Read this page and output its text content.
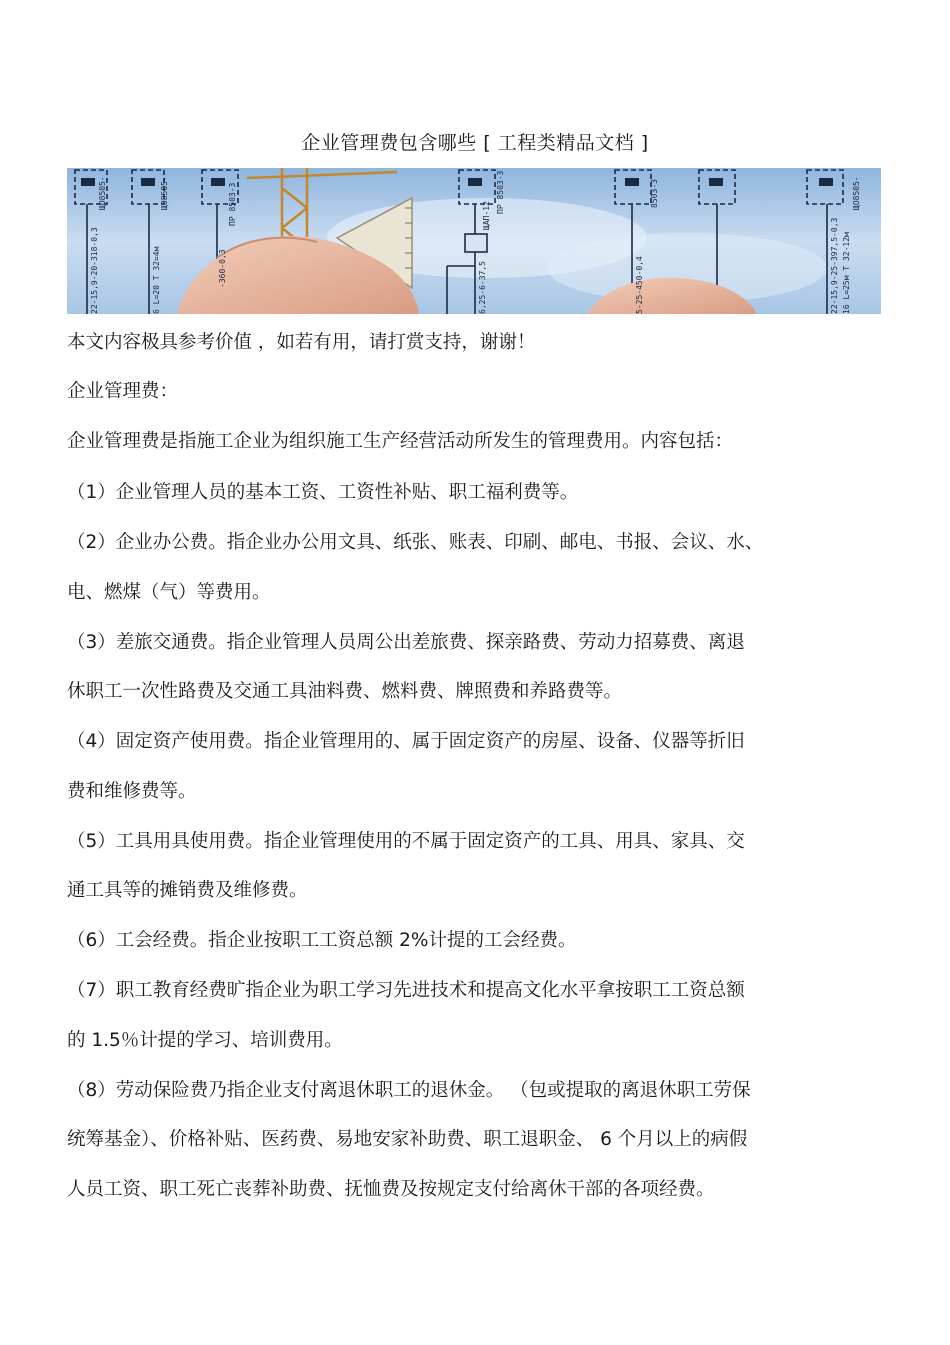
企业管理费包含哪些 [ 工程类精品文档 ]
ЩО8505-	ЩО8505-	ПР 8503-3	ЩАП-12
ПР 8503-3	8503-3	ЩО8505-
22-15,9-20-318-0,3	6 L=20 Т 32=4м	-360-0,3	6,25-6-37,5	5-25-450-0,4	22-15,9-25-397,5-0,3 16 L=25м Т 32-12м
本文内容极具参考价值 ，如若有用，请打赏支持，谢谢！
企业管理费：
企业管理费是指施工企业为组织施工生产经营活动所发生的管理费用。内容包括：
（1）企业管理人员的基本工资、工资性补贴、职工福利费等。
（2）企业办公费。指企业办公用文具、纸张、账表、印刷、邮电、书报、会议、水、
电、燃煤（气）等费用。
（3）差旅交通费。指企业管理人员周公出差旅费、探亲路费、劳动力招募费、离退
休职工一次性路费及交通工具油料费、燃料费、牌照费和养路费等。
（4）固定资产使用费。指企业管理用的、属于固定资产的房屋、设备、仪器等折旧
费和维修费等。
（5）工具用具使用费。指企业管理使用的不属于固定资产的工具、用具、家具、交
通工具等的摊销费及维修费。
（6）工会经费。指企业按职工工资总额 2%计提的工会经费。
（7）职工教育经费旷指企业为职工学习先进技术和提高文化水平拿按职工工资总额
的 1.5％计提的学习、培训费用。
（8）劳动保险费乃指企业支付离退休职工的退休金。 （包或提取的离退休职工劳保
统筹基金）、价格补贴、医药费、易地安家补助费、职工退职金、 6 个月以上的病假
人员工资、职工死亡丧葬补助费、抚恤费及按规定支付给离休干部的各项经费。
